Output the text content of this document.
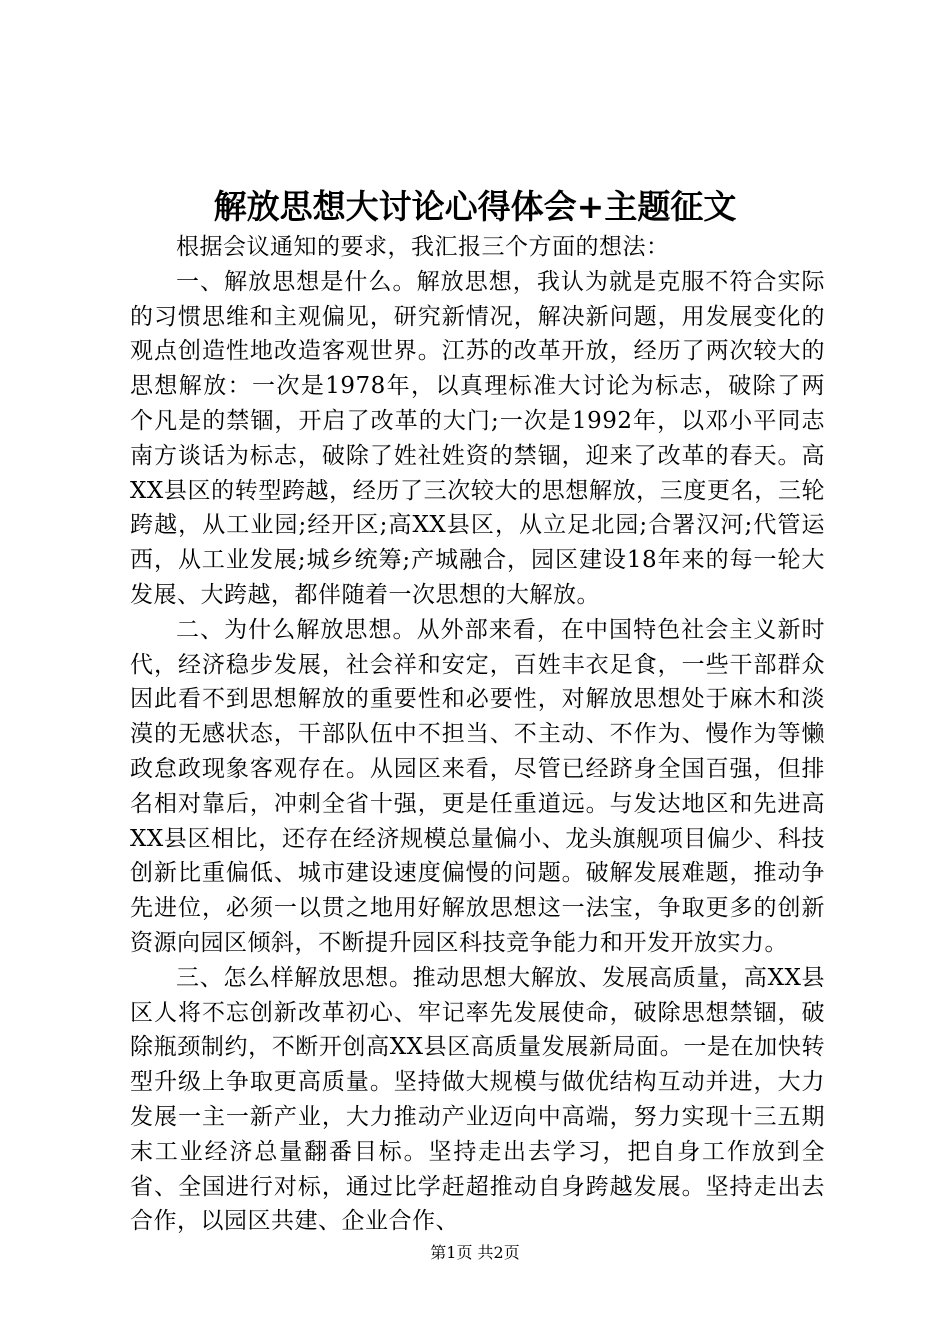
解放思想大讨论心得体会+主题征文

根据会议通知的要求，我汇报三个方面的想法：

一、解放思想是什么。解放思想，我认为就是克服不符合实际的习惯思维和主观偏见，研究新情况，解决新问题，用发展变化的观点创造性地改造客观世界。江苏的改革开放，经历了两次较大的思想解放：一次是1978年，以真理标准大讨论为标志，破除了两个凡是的禁锢，开启了改革的大门;一次是1992年，以邓小平同志南方谈话为标志，破除了姓社姓资的禁锢，迎来了改革的春天。高XX县区的转型跨越，经历了三次较大的思想解放，三度更名，三轮跨越，从工业园;经开区;高XX县区，从立足北园;合署汉河;代管运西，从工业发展;城乡统筹;产城融合，园区建设18年来的每一轮大发展、大跨越，都伴随着一次思想的大解放。

二、为什么解放思想。从外部来看，在中国特色社会主义新时代，经济稳步发展，社会祥和安定，百姓丰衣足食，一些干部群众因此看不到思想解放的重要性和必要性，对解放思想处于麻木和淡漠的无感状态，干部队伍中不担当、不主动、不作为、慢作为等懒政怠政现象客观存在。从园区来看，尽管已经跻身全国百强，但排名相对靠后，冲刺全省十强，更是任重道远。与发达地区和先进高XX县区相比，还存在经济规模总量偏小、龙头旗舰项目偏少、科技创新比重偏低、城市建设速度偏慢的问题。破解发展难题，推动争先进位，必须一以贯之地用好解放思想这一法宝，争取更多的创新资源向园区倾斜，不断提升园区科技竞争能力和开发开放实力。

三、怎么样解放思想。推动思想大解放、发展高质量，高XX县区人将不忘创新改革初心、牢记率先发展使命，破除思想禁锢，破除瓶颈制约，不断开创高XX县区高质量发展新局面。一是在加快转型升级上争取更高质量。坚持做大规模与做优结构互动并进，大力发展一主一新产业，大力推动产业迈向中高端，努力实现十三五期末工业经济总量翻番目标。坚持走出去学习，把自身工作放到全省、全国进行对标，通过比学赶超推动自身跨越发展。坚持走出去合作，以园区共建、企业合作、

第1页 共2页
